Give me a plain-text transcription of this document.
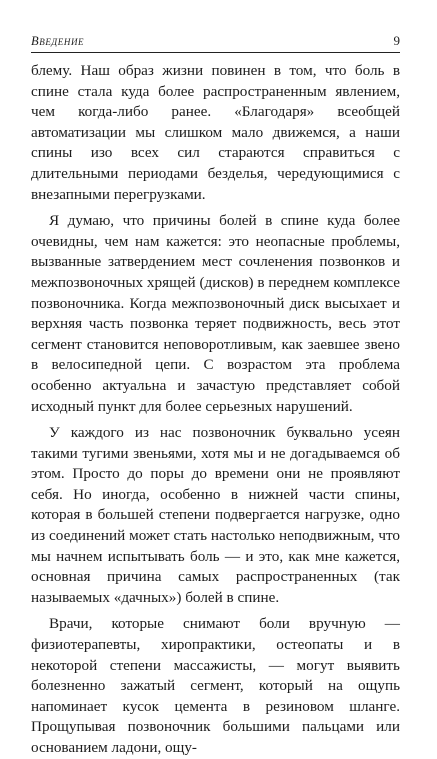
Введение	9

блему. Наш образ жизни повинен в том, что боль в спине стала куда более распространенным явлением, чем когда-либо ранее. «Благодаря» всеобщей автоматизации мы слишком мало движемся, а наши спины изо всех сил стараются справиться с длительными периодами безделья, чередующимися с внезапными перегрузками.

Я думаю, что причины болей в спине куда более очевидны, чем нам кажется: это неопасные проблемы, вызванные затвердением мест сочленения позвонков и межпозвоночных хрящей (дисков) в переднем комплексе позвоночника. Когда межпозвоночный диск высыхает и верхняя часть позвонка теряет подвижность, весь этот сегмент становится неповоротливым, как заевшее звено в велосипедной цепи. С возрастом эта проблема особенно актуальна и зачастую представляет собой исходный пункт для более серьезных нарушений.

У каждого из нас позвоночник буквально усеян такими тугими звеньями, хотя мы и не догадываемся об этом. Просто до поры до времени они не проявляют себя. Но иногда, особенно в нижней части спины, которая в большей степени подвергается нагрузке, одно из соединений может стать настолько неподвижным, что мы начнем испытывать боль — и это, как мне кажется, основная причина самых распространенных (так называемых «дачных») болей в спине.

Врачи, которые снимают боли вручную — физиотерапевты, хиропрактики, остеопаты и в некоторой степени массажисты, — могут выявить болезненно зажатый сегмент, который на ощупь напоминает кусок цемента в резиновом шланге. Прощупывая позвоночник большими пальцами или основанием ладони, ощу-
